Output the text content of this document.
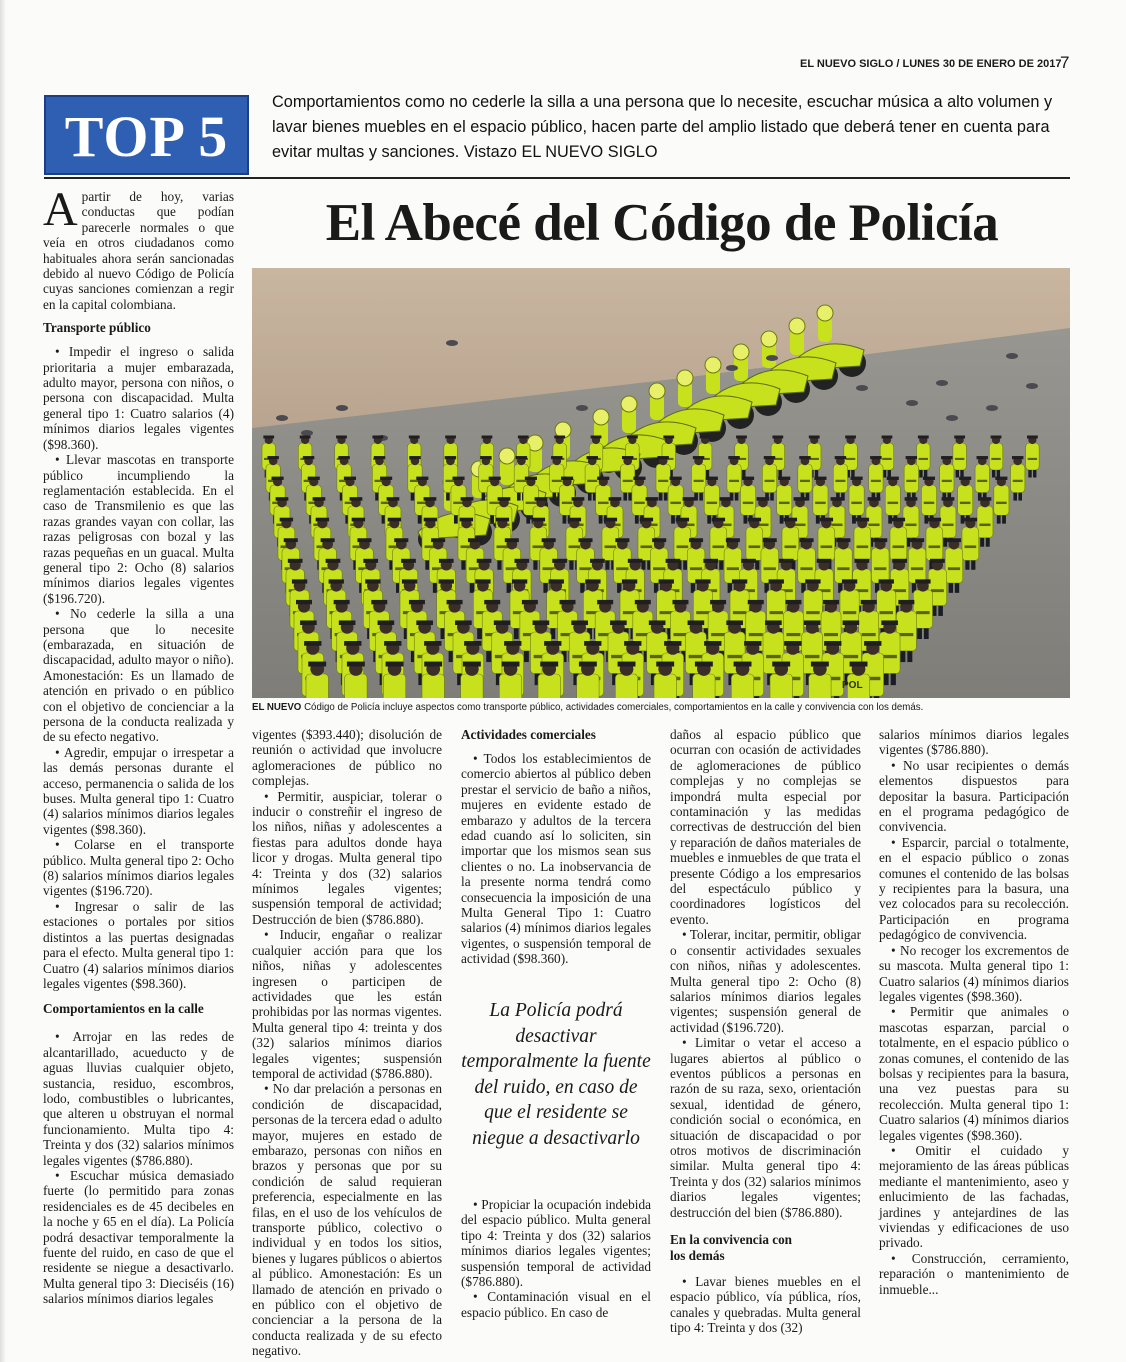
EL NUEVO SIGLO / LUNES 30 DE ENERO DE 2017
7
TOP 5
Comportamientos como no cederle la silla a una persona que lo necesite, escuchar música a alto volumen y lavar bienes muebles en el espacio público, hacen parte del amplio listado que deberá tener en cuenta para evitar multas y sanciones. Vistazo EL NUEVO SIGLO
El Abecé del Código de Policía
POL
EL NUEVO Código de Policía incluye aspectos como transporte público, actividades comerciales, comportamientos en la calle y convivencia con los demás.

Apartir de hoy, varias conductas que podían parecerle normales o que veía en otros ciudadanos como habituales ahora serán sancionadas debido al nuevo Código de Policía cuyas sanciones comienzan a regir en la capital colombiana.

Transporte público

• Impedir el ingreso o salida prioritaria a mujer embarazada, adulto mayor, persona con niños, o persona con discapacidad. Multa general tipo 1: Cuatro salarios (4) mínimos diarios legales vigentes ($98.360).

• Llevar mascotas en transporte público incumpliendo la reglamentación establecida. En el caso de Transmilenio es que las razas grandes vayan con collar, las razas peligrosas con bozal y las razas pequeñas en un guacal. Multa general tipo 2: Ocho (8) salarios mínimos diarios legales vigentes ($196.720).

• No cederle la silla a una persona que lo necesite (embarazada, en situación de discapacidad, adulto mayor o niño). Amonestación: Es un llamado de atención en privado o en público con el objetivo de concienciar a la persona de la conducta realizada y de su efecto negativo.

• Agredir, empujar o irrespetar a las demás personas durante el acceso, permanencia o salida de los buses. Multa general tipo 1: Cuatro (4) salarios mínimos diarios legales vigentes ($98.360).

• Colarse en el transporte público. Multa general tipo 2: Ocho (8) salarios mínimos diarios legales vigentes ($196.720).

• Ingresar o salir de las estaciones o portales por sitios distintos a las puertas designadas para el efecto. Multa general tipo 1: Cuatro (4) salarios mínimos diarios legales vigentes ($98.360).

Comportamientos en la calle

• Arrojar en las redes de alcantarillado, acueducto y de aguas lluvias cualquier objeto, sustancia, residuo, escombros, lodo, combustibles o lubricantes, que alteren u obstruyan el normal funcionamiento. Multa tipo 4: Treinta y dos (32) salarios mínimos legales vigentes ($786.880).

• Escuchar música demasiado fuerte (lo permitido para zonas residenciales es de 45 decibeles en la noche y 65 en el día). La Policía podrá desactivar temporalmente la fuente del ruido, en caso de que el residente se niegue a desactivarlo. Multa general tipo 3: Dieciséis (16) salarios mínimos diarios legales

vigentes ($393.440); disolución de reunión o actividad que involucre aglomeraciones de público no complejas.

• Permitir, auspiciar, tolerar o inducir o constreñir el ingreso de los niños, niñas y adolescentes a fiestas para adultos donde haya licor y drogas. Multa general tipo 4: Treinta y dos (32) salarios mínimos legales vigentes; suspensión temporal de actividad; Destrucción de bien ($786.880).

• Inducir, engañar o realizar cualquier acción para que los niños, niñas y adolescentes ingresen o participen de actividades que les están prohibidas por las normas vigentes. Multa general tipo 4: treinta y dos (32) salarios mínimos diarios legales vigentes; suspensión temporal de actividad ($786.880).

• No dar prelación a personas en condición de discapacidad, personas de la tercera edad o adulto mayor, mujeres en estado de embarazo, personas con niños en brazos y personas que por su condición de salud requieran preferencia, especialmente en las filas, en el uso de los vehículos de transporte público, colectivo o individual y en todos los sitios, bienes y lugares públicos o abiertos al público. Amonestación: Es un llamado de atención en privado o en público con el objetivo de concienciar a la persona de la conducta realizada y de su efecto negativo.

Actividades comerciales

• Todos los establecimientos de comercio abiertos al público deben prestar el servicio de baño a niños, mujeres en evidente estado de embarazo y adultos de la tercera edad cuando así lo soliciten, sin importar que los mismos sean sus clientes o no. La inobservancia de la presente norma tendrá como consecuencia la imposición de una Multa General Tipo 1: Cuatro salarios (4) mínimos diarios legales vigentes, o suspensión temporal de actividad ($98.360).

La Policía podrá desactivar temporalmente la fuente del ruido, en caso de que el residente se niegue a desactivarlo

• Propiciar la ocupación indebida del espacio público. Multa general tipo 4: Treinta y dos (32) salarios mínimos diarios legales vigentes; suspensión temporal de actividad ($786.880).

• Contaminación visual en el espacio público. En caso de

daños al espacio público que ocurran con ocasión de actividades de aglomeraciones de público complejas y no complejas se impondrá multa especial por contaminación y las medidas correctivas de destrucción del bien y reparación de daños materiales de muebles e inmuebles de que trata el presente Código a los empresarios del espectáculo público y coordinadores logísticos del evento.

• Tolerar, incitar, permitir, obligar o consentir actividades sexuales con niños, niñas y adolescentes. Multa general tipo 2: Ocho (8) salarios mínimos diarios legales vigentes; suspensión general de actividad ($196.720).

• Limitar o vetar el acceso a lugares abiertos al público o eventos públicos a personas en razón de su raza, sexo, orientación sexual, identidad de género, condición social o económica, en situación de discapacidad o por otros motivos de discriminación similar. Multa general tipo 4: Treinta y dos (32) salarios mínimos diarios legales vigentes; destrucción del bien ($786.880).

En la convivencia con los demás

• Lavar bienes muebles en el espacio público, vía pública, ríos, canales y quebradas. Multa general tipo 4: Treinta y dos (32)

salarios mínimos diarios legales vigentes ($786.880).

• No usar recipientes o demás elementos dispuestos para depositar la basura. Participación en el programa pedagógico de convivencia.

• Esparcir, parcial o totalmente, en el espacio público o zonas comunes el contenido de las bolsas y recipientes para la basura, una vez colocados para su recolección. Participación en programa pedagógico de convivencia.

• No recoger los excrementos de su mascota. Multa general tipo 1: Cuatro salarios (4) mínimos diarios legales vigentes ($98.360).

• Permitir que animales o mascotas esparzan, parcial o totalmente, en el espacio público o zonas comunes, el contenido de las bolsas y recipientes para la basura, una vez puestas para su recolección. Multa general tipo 1: Cuatro salarios (4) mínimos diarios legales vigentes ($98.360).

• Omitir el cuidado y mejoramiento de las áreas públicas mediante el mantenimiento, aseo y enlucimiento de las fachadas, jardines y antejardines de las viviendas y edificaciones de uso privado.

• Construcción, cerramiento, reparación o mantenimiento de inmueble...
